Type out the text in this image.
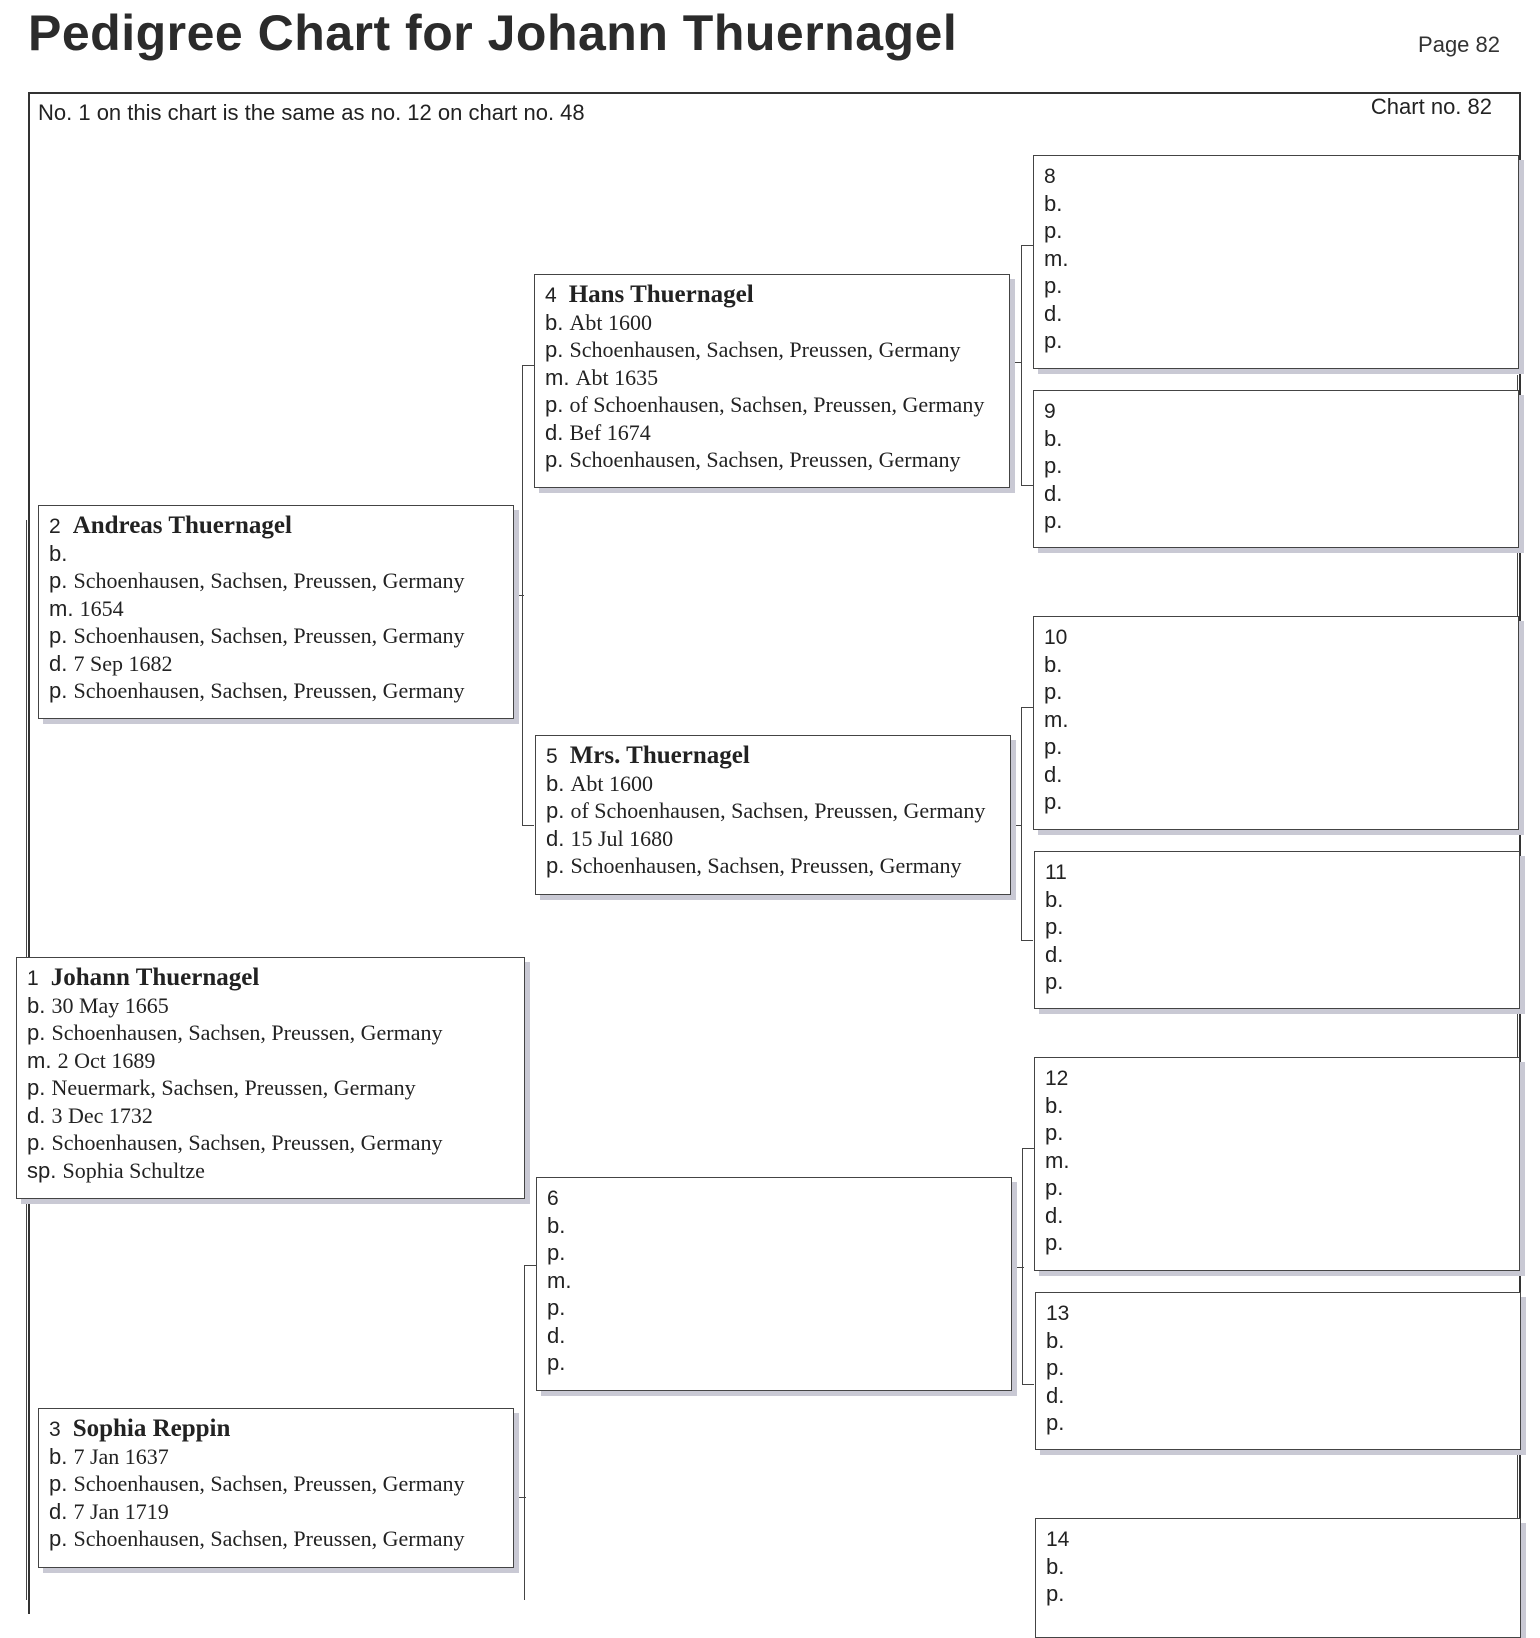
Pedigree Chart for Johann Thuernagel	Page 82
No. 1 on this chart is the same as no. 12 on chart no. 48	Chart no. 82
4 Hans Thuernagel
b. Abt 1600
p. Schoenhausen, Sachsen, Preussen, Germany
m. Abt 1635
p. of Schoenhausen, Sachsen, Preussen, Germany
d. Bef 1674
p. Schoenhausen, Sachsen, Preussen, Germany
2 Andreas Thuernagel
b.
p. Schoenhausen, Sachsen, Preussen, Germany
m. 1654
p. Schoenhausen, Sachsen, Preussen, Germany
d. 7 Sep 1682
p. Schoenhausen, Sachsen, Preussen, Germany
5 Mrs. Thuernagel
b. Abt 1600
p. of Schoenhausen, Sachsen, Preussen, Germany
d. 15 Jul 1680
p. Schoenhausen, Sachsen, Preussen, Germany
1 Johann Thuernagel
b. 30 May 1665
p. Schoenhausen, Sachsen, Preussen, Germany
m. 2 Oct 1689
p. Neuermark, Sachsen, Preussen, Germany
d. 3 Dec 1732
p. Schoenhausen, Sachsen, Preussen, Germany
sp. Sophia Schultze
6
b.
p.
m.
p.
d.
p.
3 Sophia Reppin
b. 7 Jan 1637
p. Schoenhausen, Sachsen, Preussen, Germany
d. 7 Jan 1719
p. Schoenhausen, Sachsen, Preussen, Germany
8
b.
p.
m.
p.
d.
p.
9
b.
p.
d.
p.
10
b.
p.
m.
p.
d.
p.
11
b.
p.
d.
p.
12
b.
p.
m.
p.
d.
p.
13
b.
p.
d.
p.
14
b.
p.
